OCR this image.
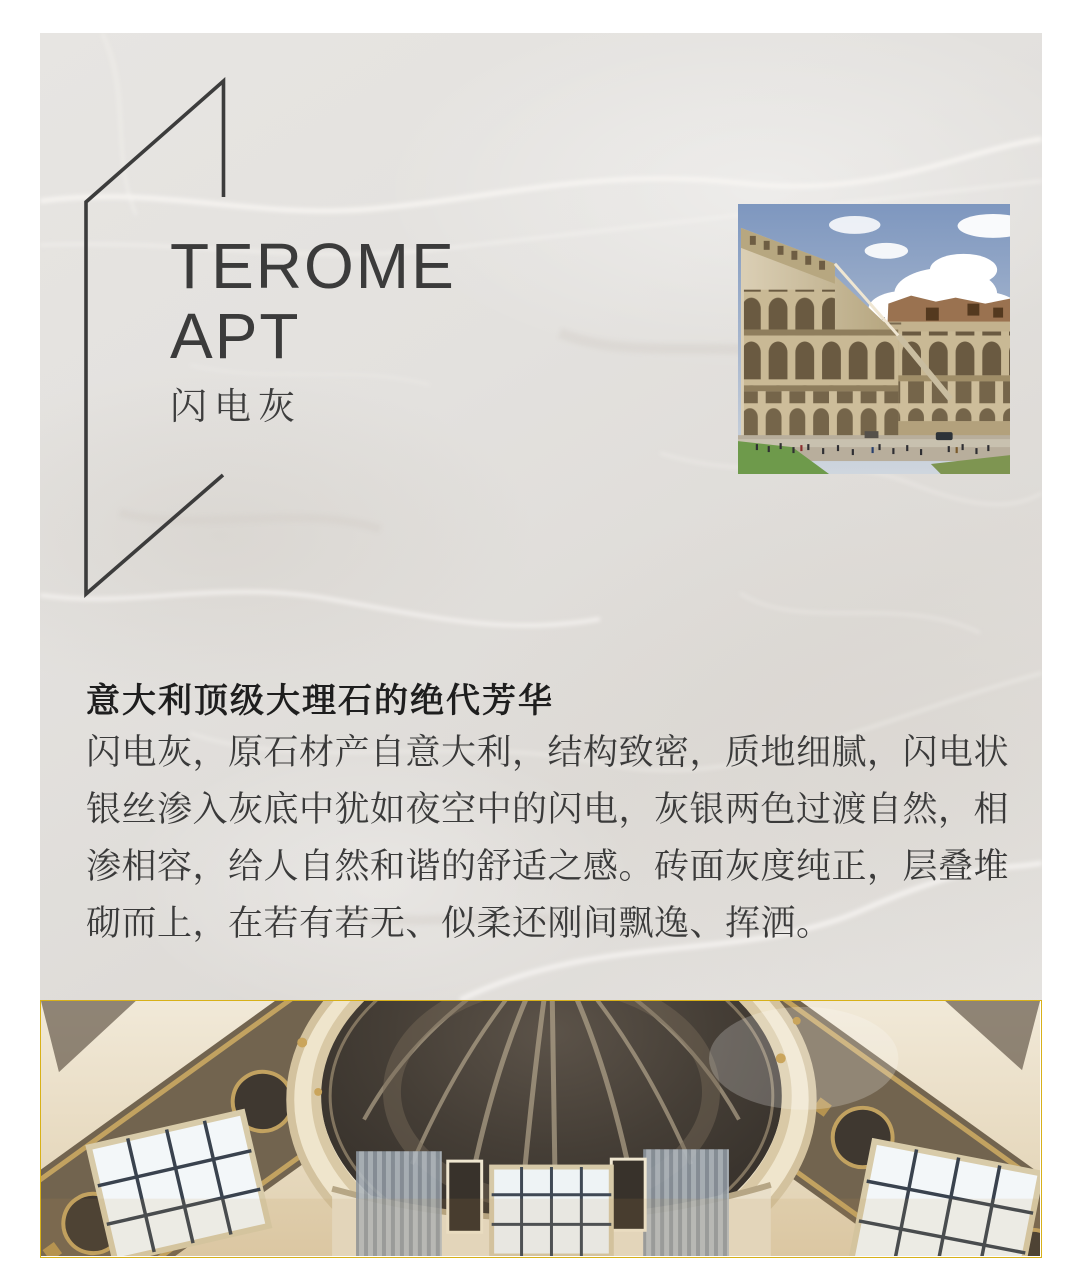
TEROME
APT
闪电灰
意大利顶级大理石的绝代芳华
闪电灰，原石材产自意大利，结构致密，质地细腻，闪电状
银丝渗入灰底中犹如夜空中的闪电，灰银两色过渡自然，相
渗相容，给人自然和谐的舒适之感。砖面灰度纯正，层叠堆
砌而上，在若有若无、似柔还刚间飘逸、挥洒。
